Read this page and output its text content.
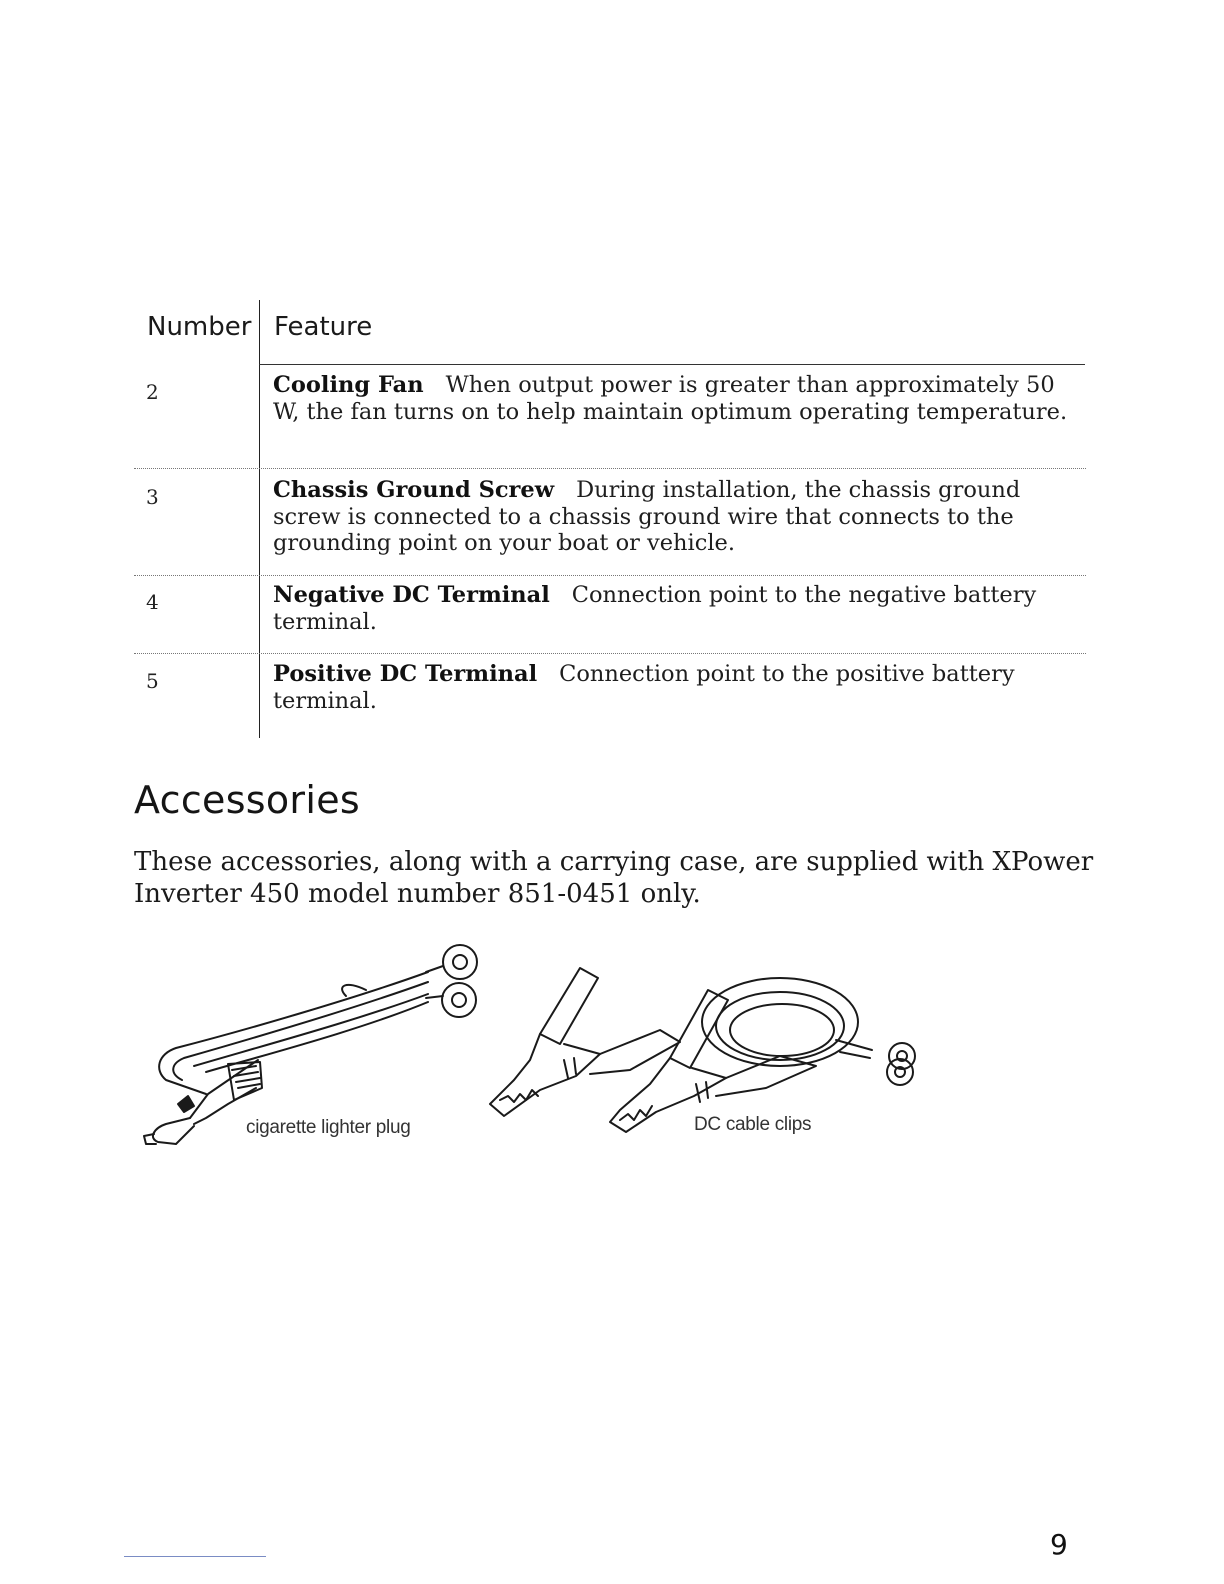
Number Feature
2	Cooling Fan When output power is greater than approximately 50 W, the fan turns on to help maintain optimum operating temperature.
3	Chassis Ground Screw During installation, the chassis ground screw is connected to a chassis ground wire that connects to the grounding point on your boat or vehicle.
4	Negative DC Terminal Connection point to the negative battery terminal.
5	Positive DC Terminal Connection point to the positive battery terminal.
Accessories

These accessories, along with a carrying case, are supplied with XPower Inverter 450 model number 851-0451 only.

cigarette lighter plug	DC cable clips
9
